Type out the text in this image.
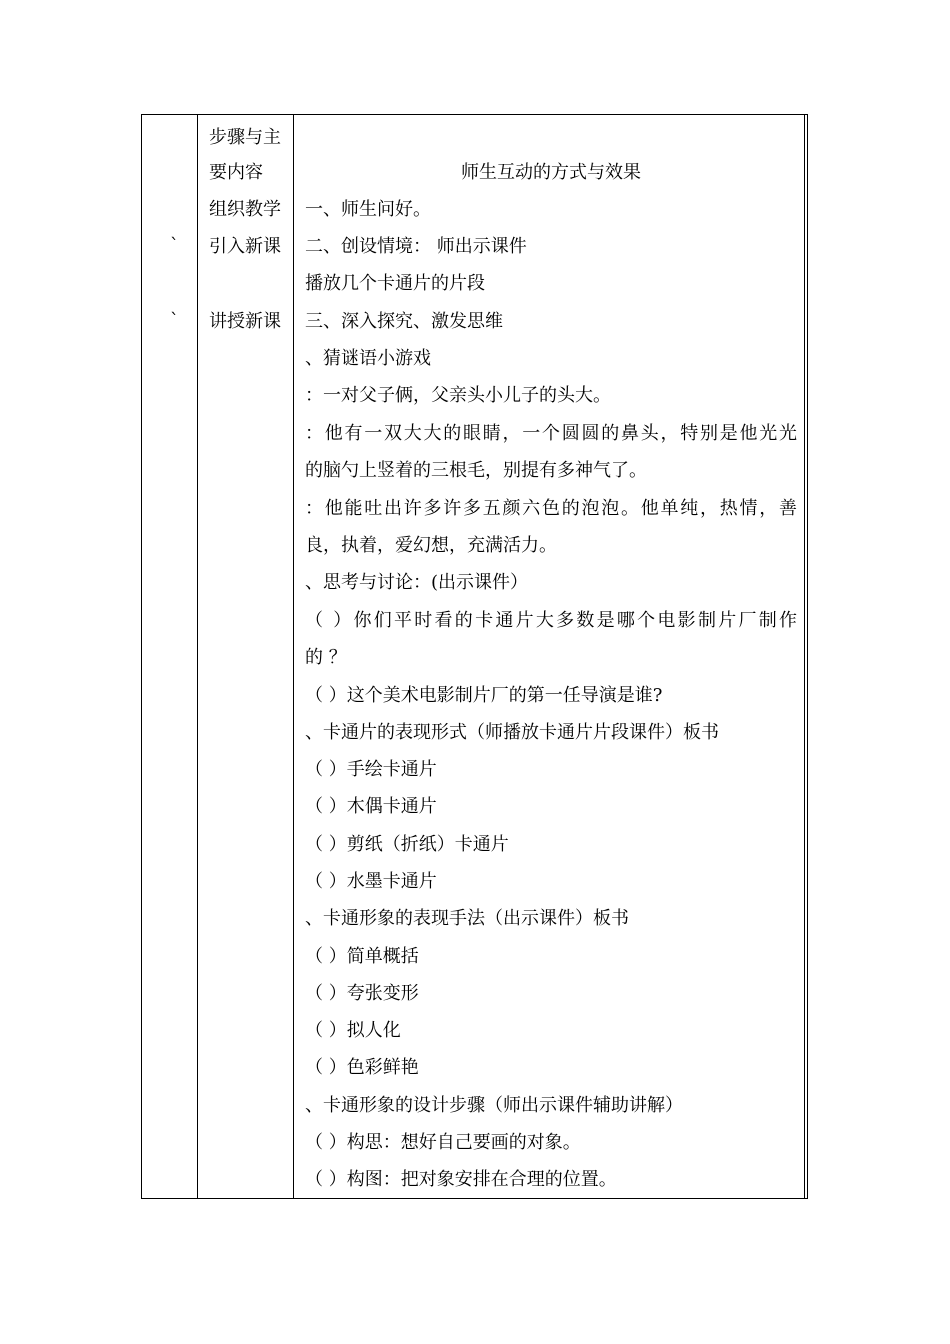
`
`
步骤与主
要内容
组织教学
引入新课
讲授新课
师生互动的方式与效果
一、师生问好。
二、创设情境： 师出示课件
播放几个卡通片的片段
三、深入探究、激发思维
、猜谜语小游戏
：一对父子俩，父亲头小儿子的头大。
：他有一双大大的眼睛，一个圆圆的鼻头，特别是他光光
的脑勺上竖着的三根毛，别提有多神气了。
：他能吐出许多许多五颜六色的泡泡。他单纯，热情，善
良，执着，爱幻想，充满活力。
、思考与讨论：(出示课件）
（ ）你们平时看的卡通片大多数是哪个电影制片厂制作
的 ？
（ ）这个美术电影制片厂的第一任导演是谁?
、卡通片的表现形式（师播放卡通片片段课件）板书
（ ）手绘卡通片
（ ）木偶卡通片
（ ）剪纸（折纸）卡通片
（ ）水墨卡通片
、卡通形象的表现手法（出示课件）板书
（ ）简单概括
（ ）夸张变形
（ ）拟人化
（ ）色彩鲜艳
、卡通形象的设计步骤（师出示课件辅助讲解）
（ ）构思：想好自己要画的对象。
（ ）构图：把对象安排在合理的位置。
